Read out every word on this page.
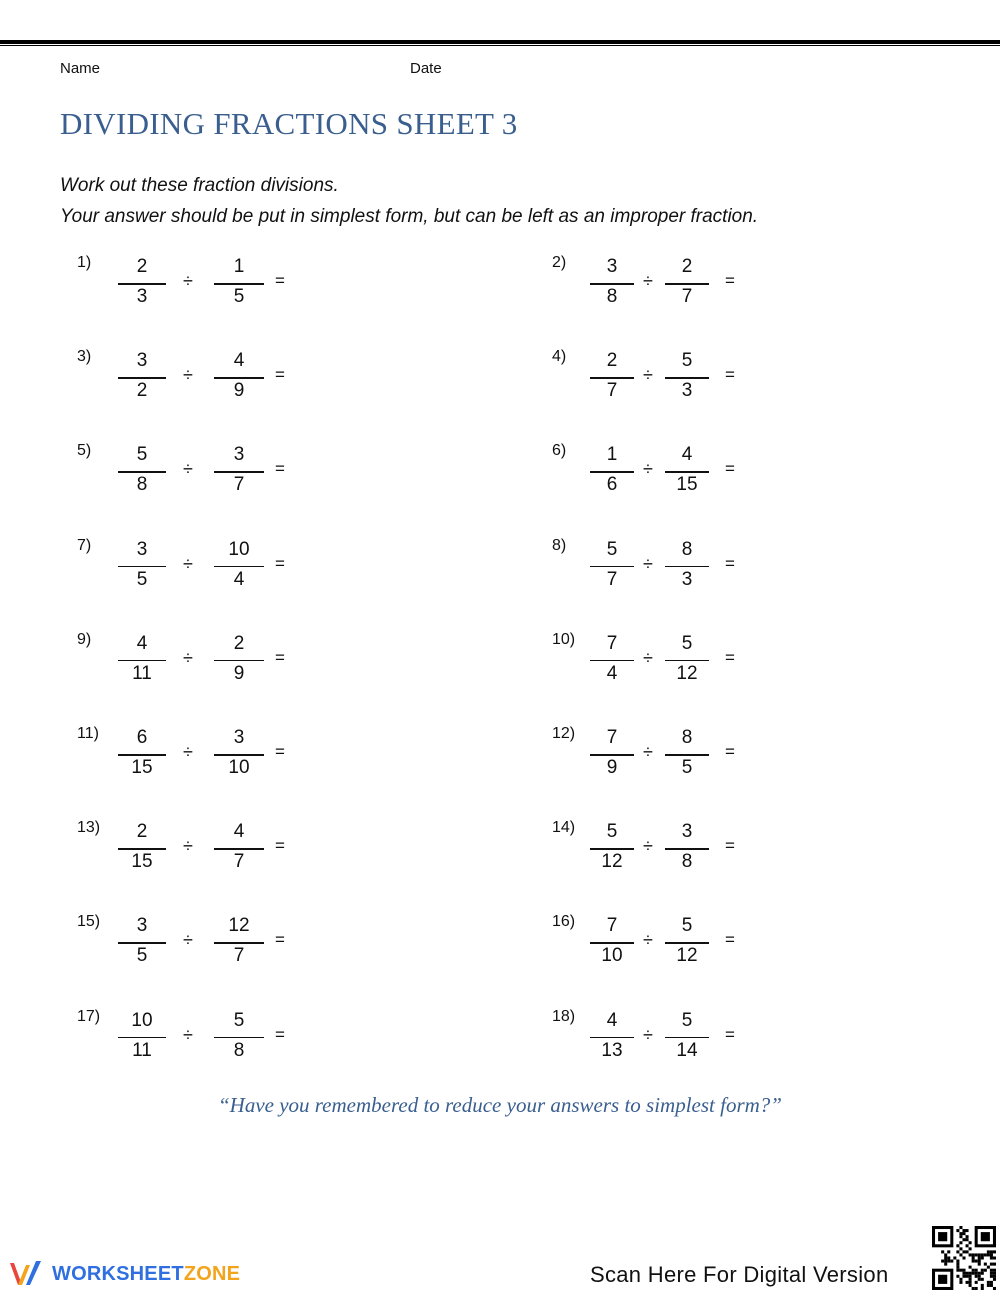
Name	Date
DIVIDING FRACTIONS SHEET 3
Work out these fraction divisions.
Your answer should be put in simplest form, but can be left as an improper fraction.
1)	2
3
÷
1
5
=
2)	3
8
÷
2
7
=
3)	3
2
÷
4
9
=
4)	2
7
÷
5
3
=
5)	5
8
÷
3
7
=
6)	1
6
÷
4
15
=
7)	3
5
÷
10
4
=
8)	5
7
÷
8
3
=
9)	4
11
÷
2
9
=
10)	7
4
÷
5
12
=
11)	6
15
÷
3
10
=
12)	7
9
÷
8
5
=
13)	2
15
÷
4
7
=
14)	5
12
÷
3
8
=
15)	3
5
÷
12
7
=
16)	7
10
÷
5
12
=
17)	10
11
÷
5
8
=
18)	4
13
÷
5
14
=
“Have you remembered to reduce your answers to simplest form?”
WORKSHEETZONE	Scan Here For Digital Version
